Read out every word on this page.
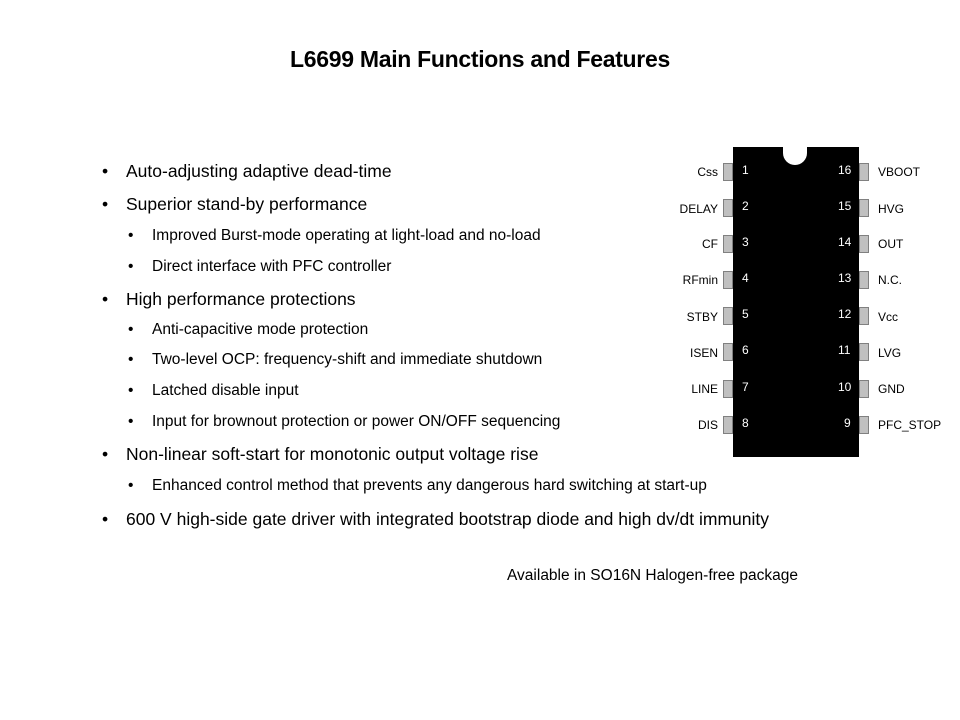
L6699 Main Functions and Features
• Auto-adjusting adaptive dead-time
• Superior stand-by performance
• Improved Burst-mode operating at light-load and no-load
• Direct interface with PFC controller
• High performance protections
• Anti-capacitive mode protection
• Two-level OCP: frequency-shift and immediate shutdown
• Latched disable input
• Input for brownout protection or power ON/OFF sequencing
• Non-linear soft-start for monotonic output voltage rise
• Enhanced control method that prevents any dangerous hard switching at start-up
• 600 V high-side gate driver with integrated bootstrap diode and high dv/dt immunity
Available in SO16N Halogen-free package
1
Css
2
DELAY
3
CF
4
RFmin
5
STBY
6
ISEN
7
LINE
8
DIS
16 VBOOT
15 HVG
14 OUT
13 N.C.
12 Vcc
11 LVG
10 GND
9 PFC_STOP
